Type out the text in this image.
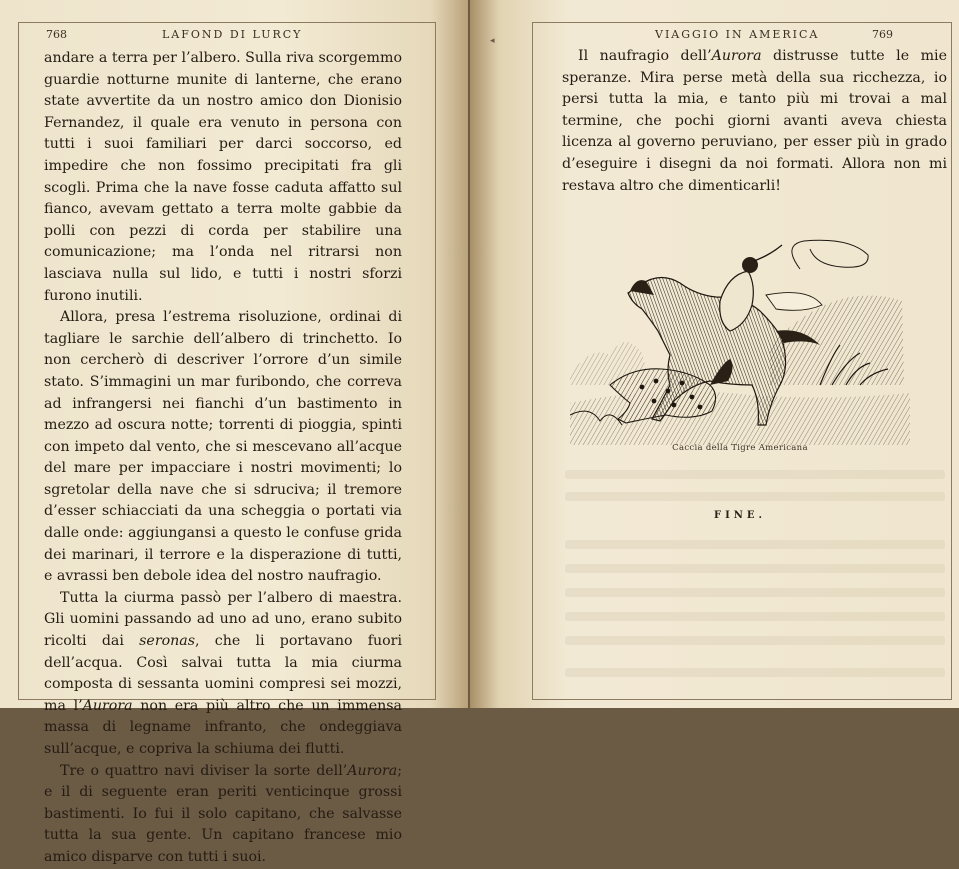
768	LAFOND DI LURCY

andare a terra per l’albero. Sulla riva scorgemmo guardie notturne munite di lanterne, che erano state avvertite da un nostro amico don Dionisio Fernandez, il quale era venuto in persona con tutti i suoi familiari per darci soccorso, ed impedire che non fossimo precipitati fra gli scogli. Prima che la nave fosse caduta affatto sul fianco, avevam gettato a terra molte gabbie da polli con pezzi di corda per stabilire una comunicazione; ma l’onda nel ritrarsi non lasciava nulla sul lido, e tutti i nostri sforzi furono inutili.

Allora, presa l’estrema risoluzione, ordinai di tagliare le sarchie dell’albero di trinchetto. Io non cercherò di descriver l’orrore d’un simile stato. S’immagini un mar furibondo, che correva ad infrangersi nei fianchi d’un bastimento in mezzo ad oscura notte; torrenti di pioggia, spinti con impeto dal vento, che si mescevano all’acque del mare per impacciare i nostri movimenti; lo sgretolar della nave che si sdruciva; il tremore d’esser schiacciati da una scheggia o portati via dalle onde: aggiungansi a questo le confuse grida dei marinari, il terrore e la disperazione di tutti, e avrassi ben debole idea del nostro naufragio.

Tutta la ciurma passò per l’albero di maestra. Gli uomini passando ad uno ad uno, erano subito ricolti dai seronas, che li portavano fuori dell’acqua. Così salvai tutta la mia ciurma composta di sessanta uomini compresi sei mozzi, ma l’Aurora non era più altro che un immensa massa di legname infranto, che ondeggiava sull’acque, e copriva la schiuma dei flutti.

Tre o quattro navi diviser la sorte dell’Aurora; e il di seguente eran periti venticinque grossi bastimenti. Io fui il solo capitano, che salvasse tutta la sua gente. Un capitano francese mio amico disparve con tutti i suoi.

◂	VIAGGIO IN AMERICA	769

Il naufragio dell’Aurora distrusse tutte le mie speranze. Mira perse metà della sua ricchezza, io persi tutta la mia, e tanto più mi trovai a mal termine, che pochi giorni avanti aveva chiesta licenza al governo peruviano, per esser più in grado d’eseguire i disegni da noi formati. Allora non mi restava altro che dimenticarli!

Caccia della Tigre Americana
FINE.
